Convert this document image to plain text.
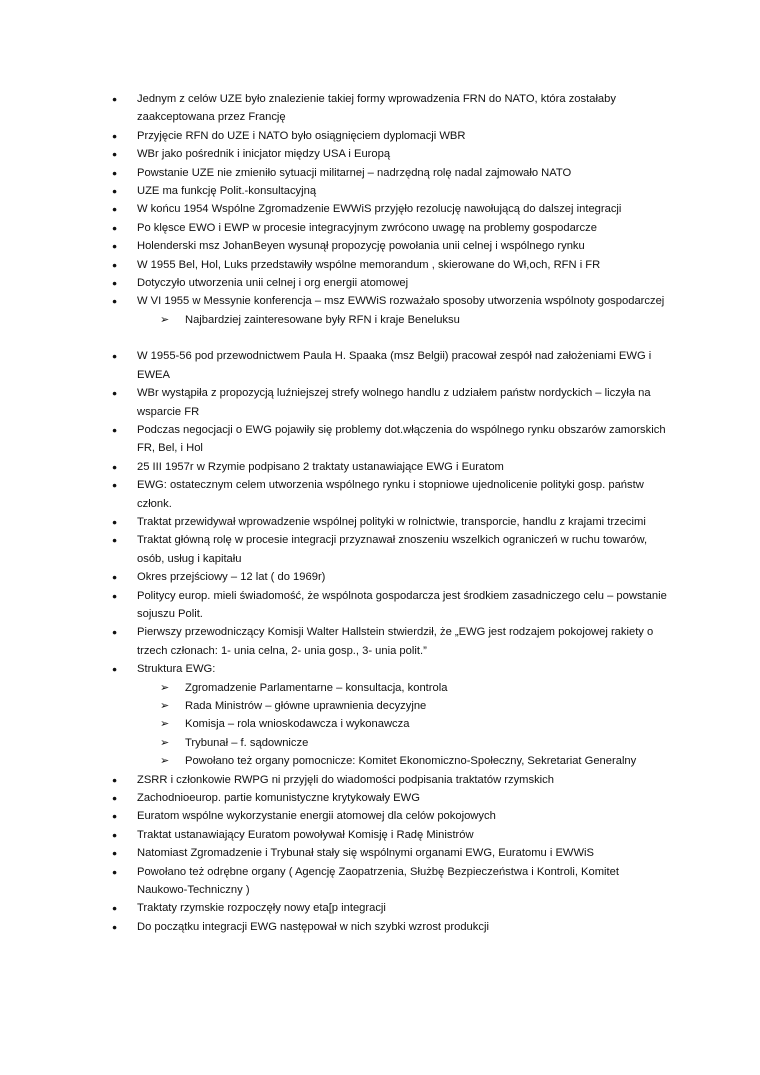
● Jednym z celów UZE było znalezienie takiej formy wprowadzenia FRN do NATO, która zostałaby zaakceptowana przez Francję
● Przyjęcie RFN do UZE i NATO było osiągnięciem dyplomacji WBR
● WBr jako pośrednik i inicjator między USA i Europą
● Powstanie UZE nie zmieniło sytuacji militarnej – nadrzędną rolę nadal zajmowało NATO
● UZE ma funkcję Polit.-konsultacyjną
● W końcu 1954 Wspólne Zgromadzenie EWWiS przyjęło rezolucję nawołującą do dalszej integracji
● Po klęsce EWO i EWP w procesie integracyjnym zwrócono uwagę na problemy gospodarcze
● Holenderski msz JohanBeyen wysunął propozycję powołania unii celnej i wspólnego rynku
● W 1955 Bel, Hol, Luks przedstawiły wspólne memorandum , skierowane do Wł,och, RFN i FR
● Dotyczyło utworzenia unii celnej i org energii atomowej
● W VI 1955 w Messynie konferencja – msz EWWiS rozważało sposoby utworzenia wspólnoty gospodarczej
➢ Najbardziej zainteresowane były RFN i kraje Beneluksu
● W 1955-56 pod przewodnictwem Paula H. Spaaka (msz Belgii) pracował zespół nad założeniami EWG i EWEA
● WBr wystąpiła z propozycją luźniejszej strefy wolnego handlu z udziałem państw nordyckich – liczyła na wsparcie FR
● Podczas negocjacji o EWG pojawiły się problemy dot.włączenia do wspólnego rynku obszarów zamorskich FR, Bel, i Hol
● 25 III 1957r w Rzymie podpisano 2 traktaty ustanawiające EWG i Euratom
● EWG: ostatecznym celem utworzenia wspólnego rynku i stopniowe ujednolicenie polityki gosp. państw członk.
● Traktat przewidywał wprowadzenie wspólnej polityki w rolnictwie, transporcie, handlu z krajami trzecimi
● Traktat główną rolę w procesie integracji przyznawał znoszeniu wszelkich ograniczeń w ruchu towarów, osób, usług i kapitału
● Okres przejściowy – 12 lat ( do 1969r)
● Politycy europ. mieli świadomość, że wspólnota gospodarcza jest środkiem zasadniczego celu – powstanie sojuszu Polit.
● Pierwszy przewodniczący Komisji Walter Hallstein stwierdził, że „EWG jest rodzajem pokojowej rakiety o trzech członach: 1- unia celna, 2- unia gosp., 3- unia polit.”
● Struktura EWG:
➢ Zgromadzenie Parlamentarne – konsultacja, kontrola
➢ Rada Ministrów – główne uprawnienia decyzyjne
➢ Komisja – rola wnioskodawcza i wykonawcza
➢ Trybunał – f. sądownicze
➢ Powołano też organy pomocnicze: Komitet Ekonomiczno-Społeczny, Sekretariat Generalny
● ZSRR i członkowie RWPG ni przyjęli do wiadomości podpisania traktatów rzymskich
● Zachodnioeurop. partie komunistyczne krytykowały EWG
● Euratom wspólne wykorzystanie energii atomowej dla celów pokojowych
● Traktat ustanawiający Euratom powoływał Komisję i Radę Ministrów
● Natomiast Zgromadzenie i Trybunał stały się wspólnymi organami EWG, Euratomu i EWWiS
● Powołano też odrębne organy ( Agencję Zaopatrzenia, Służbę Bezpieczeństwa i Kontroli, Komitet Naukowo-Techniczny )
● Traktaty rzymskie rozpoczęły nowy eta[p integracji
● Do początku integracji EWG następował w nich szybki wzrost produkcji
